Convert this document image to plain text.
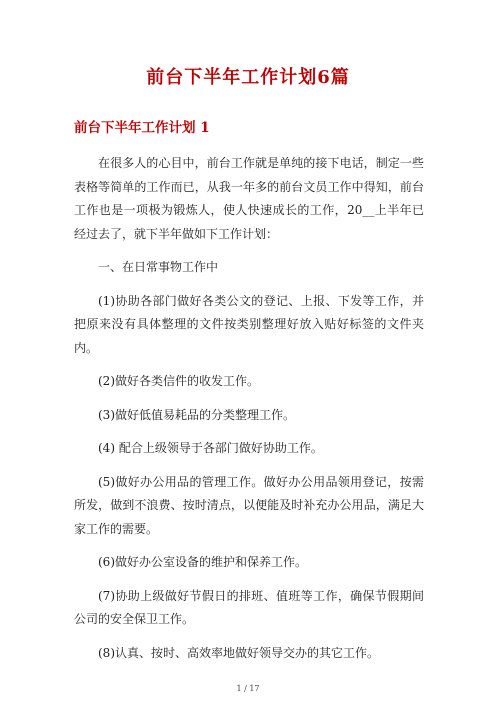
前台下半年工作计划6篇
前台下半年工作计划 1

在很多人的心目中，前台工作就是单纯的接下电话，制定一些表格等简单的工作而已，从我一年多的前台文员工作中得知，前台工作也是一项极为锻炼人，使人快速成长的工作，20__上半年已经过去了，就下半年做如下工作计划：

一、在日常事物工作中

(1)协助各部门做好各类公文的登记、上报、下发等工作，并把原来没有具体整理的文件按类别整理好放入贴好标签的文件夹内。

(2)做好各类信件的收发工作。

(3)做好低值易耗品的分类整理工作。

(4) 配合上级领导于各部门做好协助工作。

(5)做好办公用品的管理工作。做好办公用品领用登记，按需所发，做到不浪费、按时清点，以便能及时补充办公用品，满足大家工作的需要。

(6)做好办公室设备的维护和保养工作。

(7)协助上级做好节假日的排班、值班等工作，确保节假期间公司的安全保卫工作。

(8)认真、按时、高效率地做好领导交办的其它工作。

1 / 17
